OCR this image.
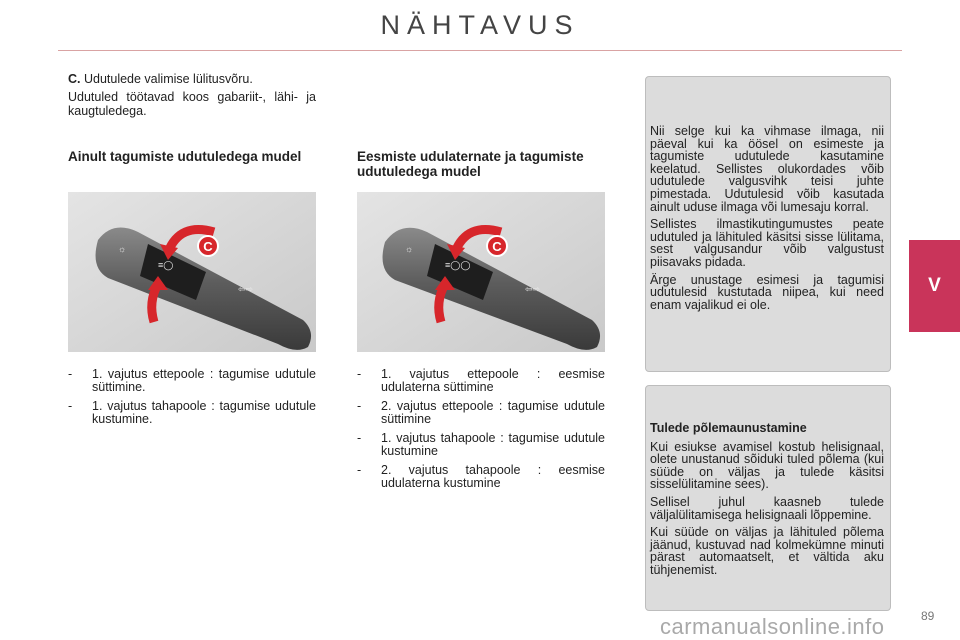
NÄHTAVUS

C. Udutulede valimise lülitusvõru.

Udutuled töötavad koos gabariit-, lähi- ja kaugtuledega.

Ainult tagumiste udutuledega mudel	Eesmiste udulaternate ja tagumiste udutuledega mudel
☼
≡◯
⇦⇨
C	☼
≡◯◯
⇦⇨
C
- 1. vajutus ettepoole : tagumise udutule süttimine.
- 1. vajutus tahapoole : tagumise udutule kustumine.
- 1. vajutus ettepoole : eesmise udulaterna süttimine
- 2. vajutus ettepoole : tagumise udutule süttimine
- 1. vajutus tahapoole : tagumise udutule kustumine
- 2. vajutus tahapoole : eesmise udulaterna kustumine

Nii selge kui ka vihmase ilmaga, nii päeval kui ka öösel on esimeste ja tagumiste udutulede kasutamine keelatud. Sellistes olukordades võib udutulede valgusvihk teisi juhte pimestada. Udutulesid võib kasutada ainult uduse ilmaga või lumesaju korral.

Sellistes ilmastikutingumustes peate udutuled ja lähituled käsitsi sisse lülitama, sest valgusandur võib valgustust piisavaks pidada.

Ärge unustage esimesi ja tagumisi udutulesid kustutada niipea, kui need enam vajalikud ei ole.

Tulede põlemaunustamine

Kui esiukse avamisel kostub helisignaal, olete unustanud sõiduki tuled põlema (kui süüde on väljas ja tulede käsitsi sisselülitamine sees).

Sellisel juhul kaasneb tulede väljalülitamisega helisignaali lõppemine.

Kui süüde on väljas ja lähituled põlema jäänud, kustuvad nad kolmekümne minuti pärast automaatselt, et vältida aku tühjenemist.

V
89
carmanualsonline.info
